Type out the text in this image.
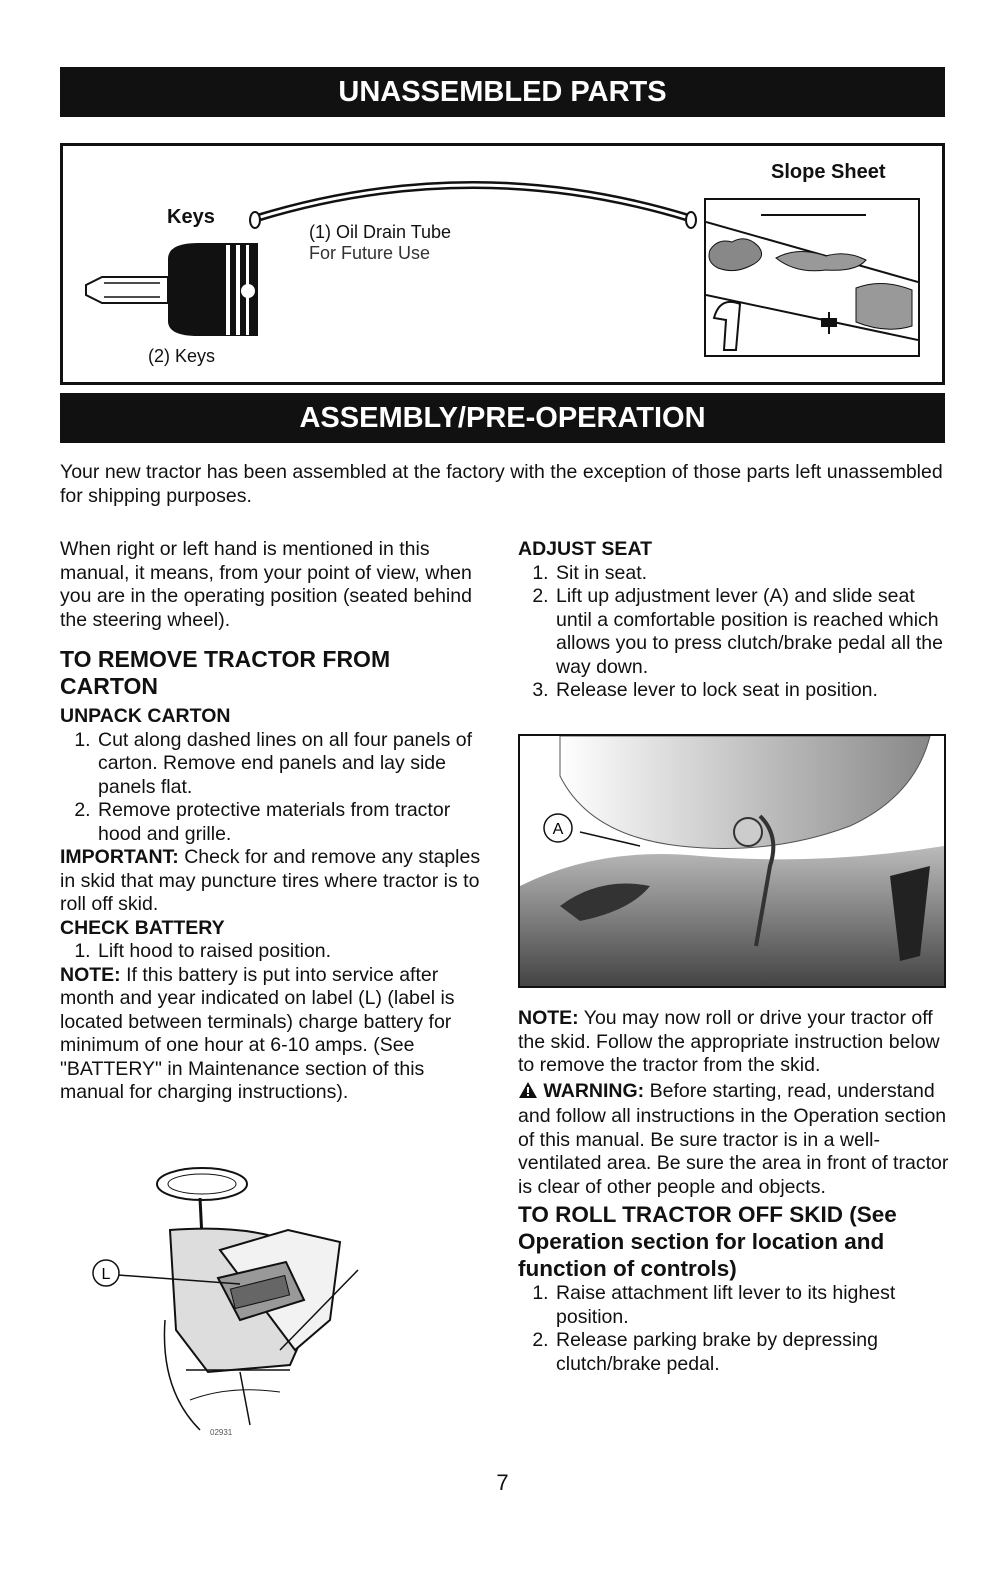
UNASSEMBLED PARTS
Keys
(2) Keys
(1) Oil Drain Tube
For Future Use
Slope Sheet
ASSEMBLY/PRE-OPERATION

Your new tractor has been assembled at the factory with the exception of those parts left unassembled for shipping purposes.

When right or left hand is mentioned in this manual, it means, from your point of view, when you are in the operating position (seated behind the steering wheel).

TO REMOVE TRACTOR FROM CARTON

UNPACK CARTON

1. Cut along dashed lines on all four panels of carton. Remove end panels and lay side panels flat.
2. Remove protective materials from tractor hood and grille.

IMPORTANT: Check for and remove any staples in skid that may puncture tires where tractor is to roll off skid.

CHECK BATTERY

1. Lift hood to raised position.

NOTE: If this battery is put into service after month and year indicated on label (L) (label is located between terminals) charge battery for minimum of one hour at 6-10 amps. (See "BATTERY" in Maintenance section of this manual for charging instructions).

L
02931

ADJUST SEAT

1. Sit in seat.
2. Lift up adjustment lever (A) and slide seat until a comfortable position is reached which allows you to press clutch/brake pedal all the way down.
3. Release lever to lock seat in position.
A

NOTE: You may now roll or drive your tractor off the skid. Follow the appropriate instruction below to remove the tractor from the skid.

WARNING: Before starting, read, understand and follow all instructions in the Operation section of this manual. Be sure tractor is in a well-ventilated area. Be sure the area in front of tractor is clear of other people and objects.

TO ROLL TRACTOR OFF SKID (See Operation section for location and function of controls)

1. Raise attachment lift lever to its highest position.
2. Release parking brake by depressing clutch/brake pedal.
7
